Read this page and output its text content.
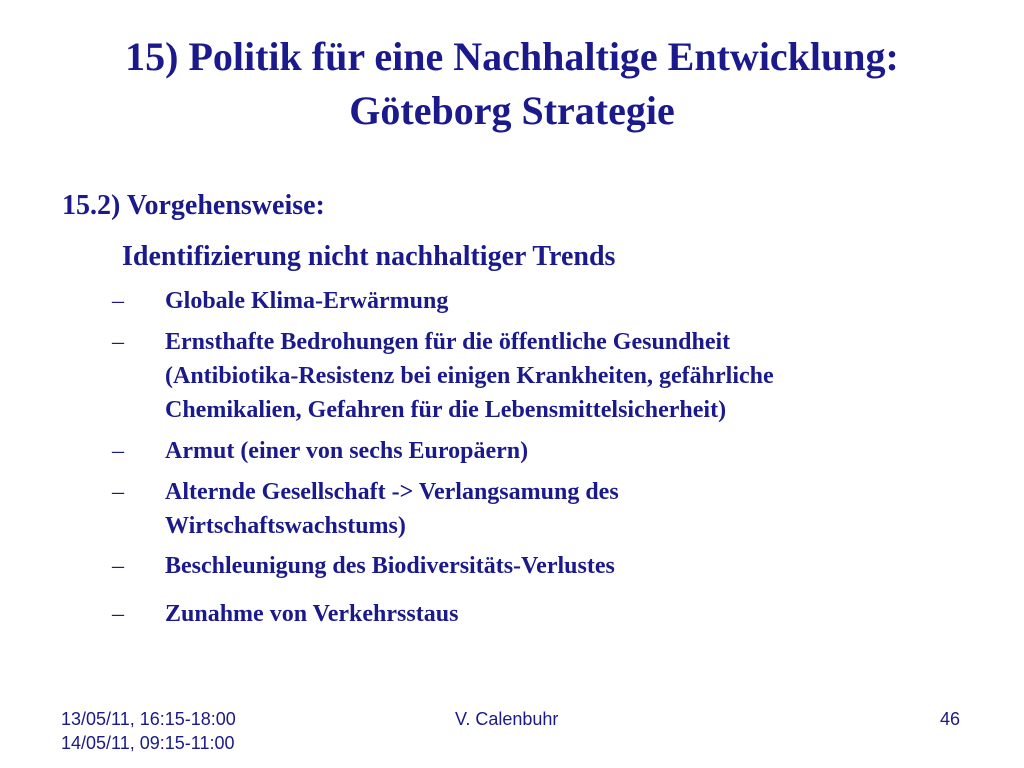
15) Politik für eine Nachhaltige Entwicklung:
Göteborg Strategie
15.2) Vorgehensweise:
Identifizierung nicht nachhaltiger Trends
– Globale Klima-Erwärmung
– Ernsthafte Bedrohungen für die öffentliche Gesundheit
(Antibiotika-Resistenz bei einigen Krankheiten, gefährliche
Chemikalien, Gefahren für die Lebensmittelsicherheit)
– Armut (einer von sechs Europäern)
– Alternde Gesellschaft -> Verlangsamung des
Wirtschaftswachstums)
– Beschleunigung des Biodiversitäts-Verlustes
– Zunahme von Verkehrsstaus
13/05/11, 16:15-18:00
14/05/11, 09:15-11:00
V. Calenbuhr	46
